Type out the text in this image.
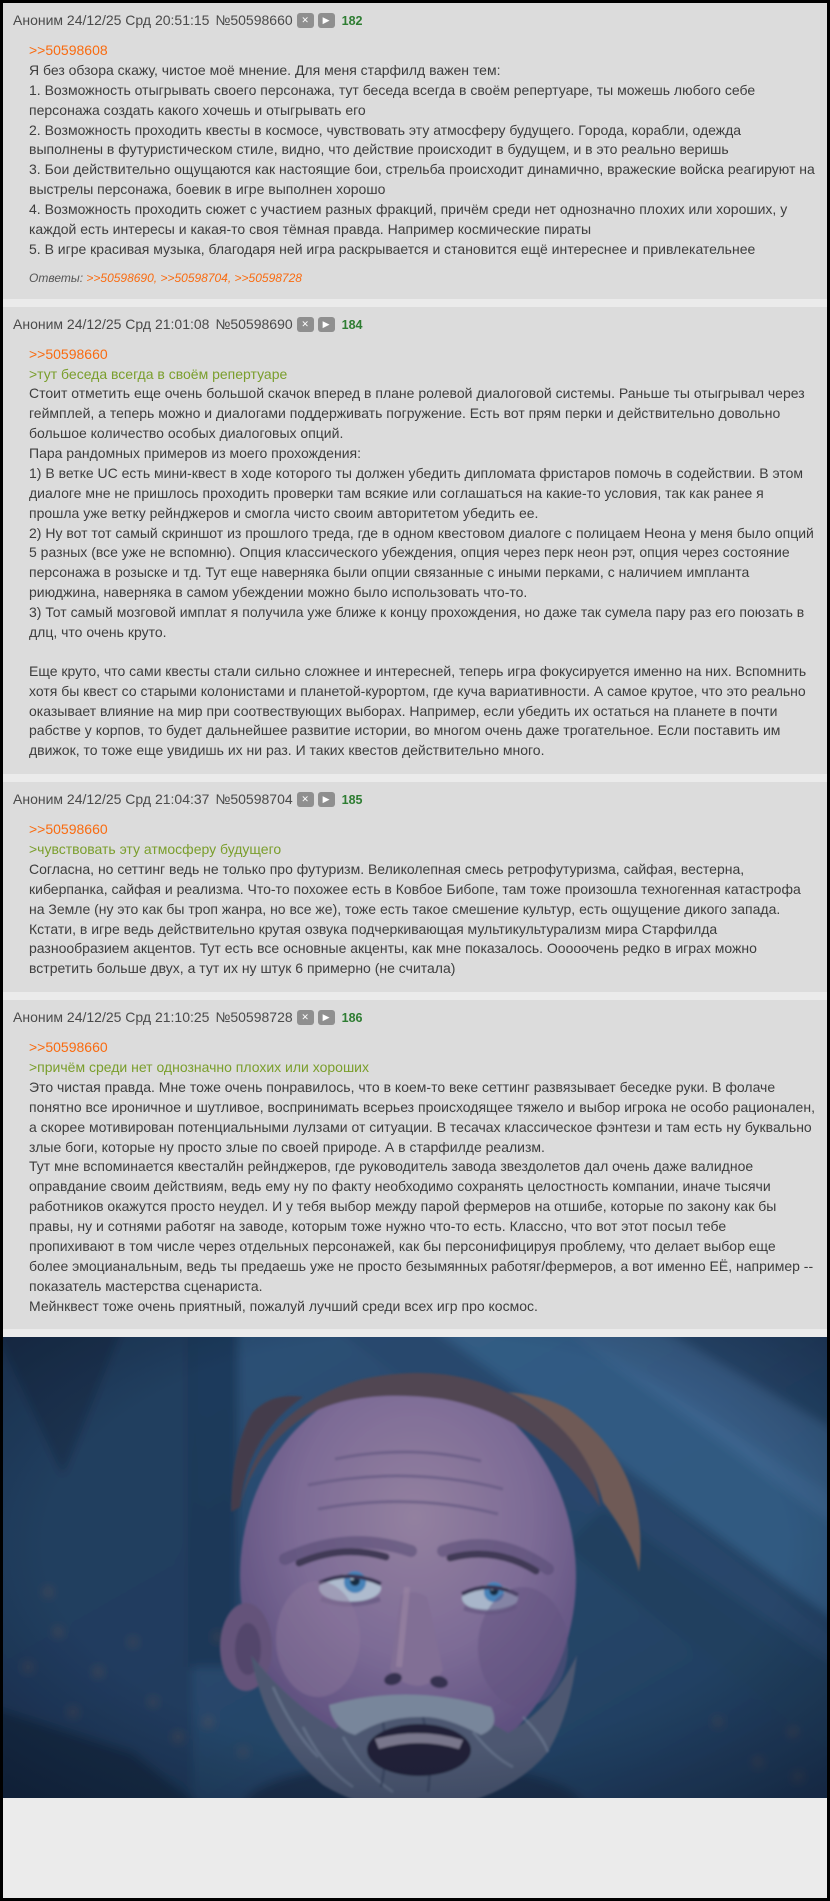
Аноним 24/12/25 Срд 20:51:15 №50598660 ✕ ▶ 182
>>50598608
Я без обзора скажу, чистое моё мнение. Для меня старфилд важен тем:
1. Возможность отыгрывать своего персонажа, тут беседа всегда в своём репертуаре, ты можешь любого себе персонажа создать какого хочешь и отыгрывать его
2. Возможность проходить квесты в космосе, чувствовать эту атмосферу будущего. Города, корабли, одежда выполнены в футуристическом стиле, видно, что действие происходит в будущем, и в это реально веришь
3. Бои действительно ощущаются как настоящие бои, стрельба происходит динамично, вражеские войска реагируют на выстрелы персонажа, боевик в игре выполнен хорошо
4. Возможность проходить сюжет с участием разных фракций, причём среди нет однозначно плохих или хороших, у каждой есть интересы и какая-то своя тёмная правда. Например космические пираты
5. В игре красивая музыка, благодаря ней игра раскрывается и становится ещё интереснее и привлекательнее
Ответы: >>50598690, >>50598704, >>50598728
Аноним 24/12/25 Срд 21:01:08 №50598690 ✕ ▶ 184
>>50598660
>тут беседа всегда в своём репертуаре
Стоит отметить еще очень большой скачок вперед в плане ролевой диалоговой системы. Раньше ты отыгрывал через геймплей, а теперь можно и диалогами поддерживать погружение. Есть вот прям перки и действительно довольно большое количество особых диалоговых опций.
Пара рандомных примеров из моего прохождения:
1) В ветке UC есть мини-квест в ходе которого ты должен убедить дипломата фристаров помочь в содействии. В этом диалоге мне не пришлось проходить проверки там всякие или соглашаться на какие-то условия, так как ранее я прошла уже ветку рейнджеров и смогла чисто своим авторитетом убедить ее.
2) Ну вот тот самый скриншот из прошлого треда, где в одном квестовом диалоге с полицаем Неона у меня было опций 5 разных (все уже не вспомню). Опция классического убеждения, опция через перк неон рэт, опция через состояние персонажа в розыске и тд. Тут еще наверняка были опции связанные с иными перками, с наличием импланта риюджина, наверняка в самом убеждении можно было использовать что-то.
3) Тот самый мозговой имплат я получила уже ближе к концу прохождения, но даже так сумела пару раз его поюзать в длц, что очень круто.
Еще круто, что сами квесты стали сильно сложнее и интересней, теперь игра фокусируется именно на них. Вспомнить хотя бы квест со старыми колонистами и планетой-курортом, где куча вариативности. А самое крутое, что это реально оказывает влияние на мир при соотвествующих выборах. Например, если убедить их остаться на планете в почти рабстве у корпов, то будет дальнейшее развитие истории, во многом очень даже трогательное. Если поставить им движок, то тоже еще увидишь их ни раз. И таких квестов действительно много.
Аноним 24/12/25 Срд 21:04:37 №50598704 ✕ ▶ 185
>>50598660
>чувствовать эту атмосферу будущего
Согласна, но сеттинг ведь не только про футуризм. Великолепная смесь ретрофутуризма, сайфая, вестерна, киберпанка, сайфая и реализма. Что-то похожее есть в Ковбое Бибопе, там тоже произошла техногенная катастрофа на Земле (ну это как бы троп жанра, но все же), тоже есть такое смешение культур, есть ощущение дикого запада.
Кстати, в игре ведь действительно крутая озвука подчеркивающая мультикультурализм мира Старфилда разнообразием акцентов. Тут есть все основные акценты, как мне показалось. Ооооочень редко в играх можно встретить больше двух, а тут их ну штук 6 примерно (не считала)
Аноним 24/12/25 Срд 21:10:25 №50598728 ✕ ▶ 186
>>50598660
>причём среди нет однозначно плохих или хороших
Это чистая правда. Мне тоже очень понравилось, что в коем-то веке сеттинг развязывает беседке руки. В фолаче понятно все ироничное и шутливое, воспринимать всерьез происходящее тяжело и выбор игрока не особо рационален, а скорее мотивирован потенциальными лулзами от ситуации. В тесачах классическое фэнтези и там есть ну буквально злые боги, которые ну просто злые по своей природе. А в старфилде реализм.
Тут мне вспоминается квесталйн рейнджеров, где руководитель завода звездолетов дал очень даже валидное оправдание своим действиям, ведь ему ну по факту необходимо сохранять целостность компании, иначе тысячи работников окажутся просто неудел. И у тебя выбор между парой фермеров на отшибе, которые по закону как бы правы, ну и сотнями работяг на заводе, которым тоже нужно что-то есть. Классно, что вот этот посыл тебе пропихивают в том числе через отдельных персонажей, как бы персонифицируя проблему, что делает выбор еще более эмоцианальным, ведь ты предаешь уже не просто безымянных работяг/фермеров, а вот именно ЕЁ, например -- показатель мастерства сценариста.
Мейнквест тоже очень приятный, пожалуй лучший среди всех игр про космос.
